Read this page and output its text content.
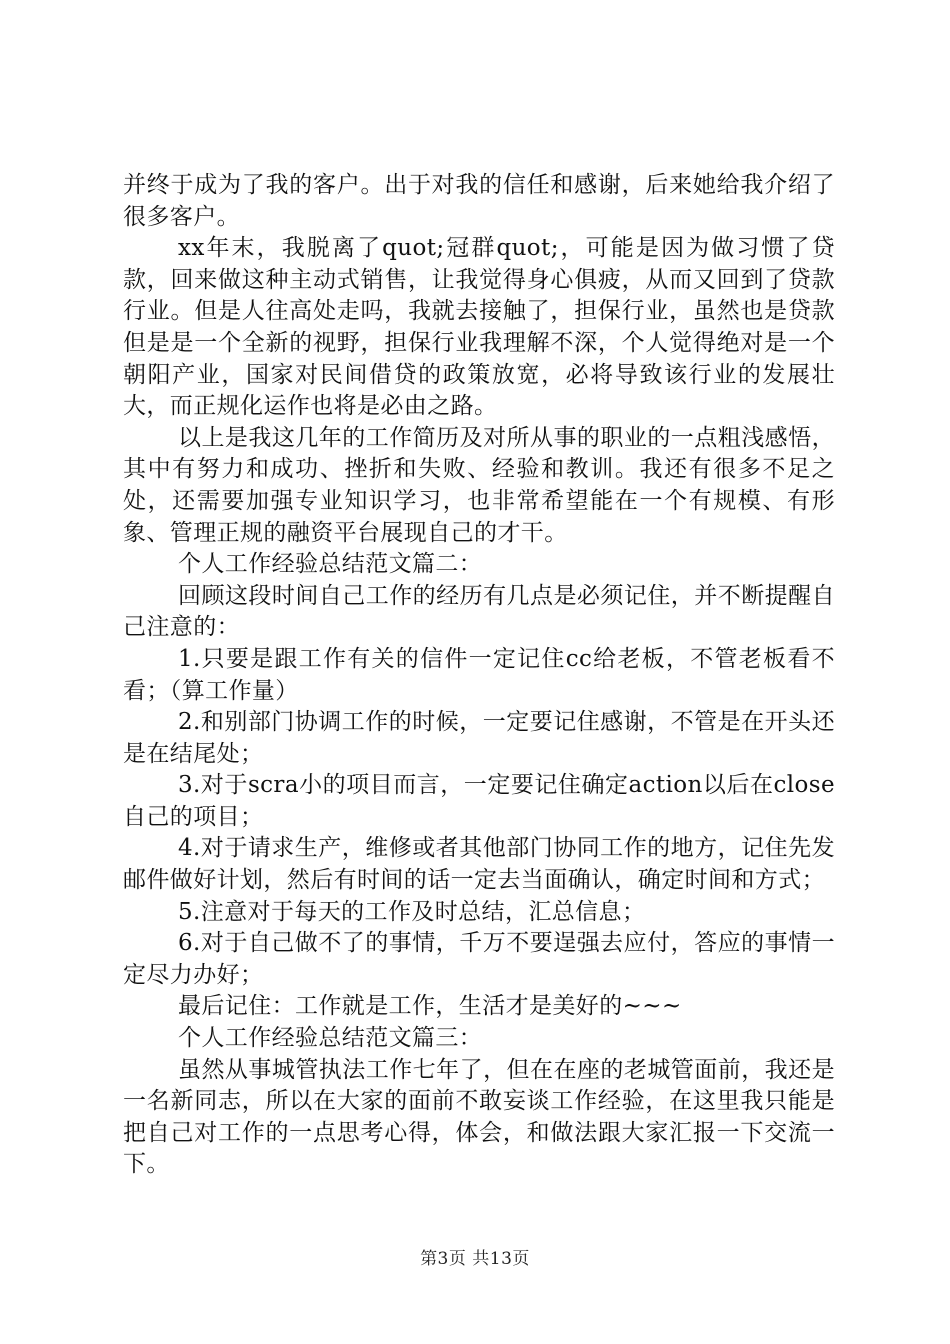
并终于成为了我的客户。出于对我的信任和感谢，后来她给我介绍了很多客户。

xx年末，我脱离了quot;冠群quot;，可能是因为做习惯了贷款，回来做这种主动式销售，让我觉得身心俱疲，从而又回到了贷款行业。但是人往高处走吗，我就去接触了，担保行业，虽然也是贷款但是是一个全新的视野，担保行业我理解不深，个人觉得绝对是一个朝阳产业，国家对民间借贷的政策放宽，必将导致该行业的发展壮大，而正规化运作也将是必由之路。

以上是我这几年的工作简历及对所从事的职业的一点粗浅感悟，其中有努力和成功、挫折和失败、经验和教训。我还有很多不足之处，还需要加强专业知识学习，也非常希望能在一个有规模、有形象、管理正规的融资平台展现自己的才干。

个人工作经验总结范文篇二：

回顾这段时间自己工作的经历有几点是必须记住，并不断提醒自己注意的：

1.只要是跟工作有关的信件一定记住cc给老板，不管老板看不看；（算工作量）

2.和别部门协调工作的时候，一定要记住感谢，不管是在开头还是在结尾处；

3.对于scra小的项目而言，一定要记住确定action以后在close自己的项目；

4.对于请求生产，维修或者其他部门协同工作的地方，记住先发邮件做好计划，然后有时间的话一定去当面确认，确定时间和方式；

5.注意对于每天的工作及时总结，汇总信息；

6.对于自己做不了的事情，千万不要逞强去应付，答应的事情一定尽力办好；

最后记住：工作就是工作，生活才是美好的~~~

个人工作经验总结范文篇三：

虽然从事城管执法工作七年了，但在在座的老城管面前，我还是一名新同志，所以在大家的面前不敢妄谈工作经验，在这里我只能是把自己对工作的一点思考心得，体会，和做法跟大家汇报一下交流一下。

第3页 共13页
